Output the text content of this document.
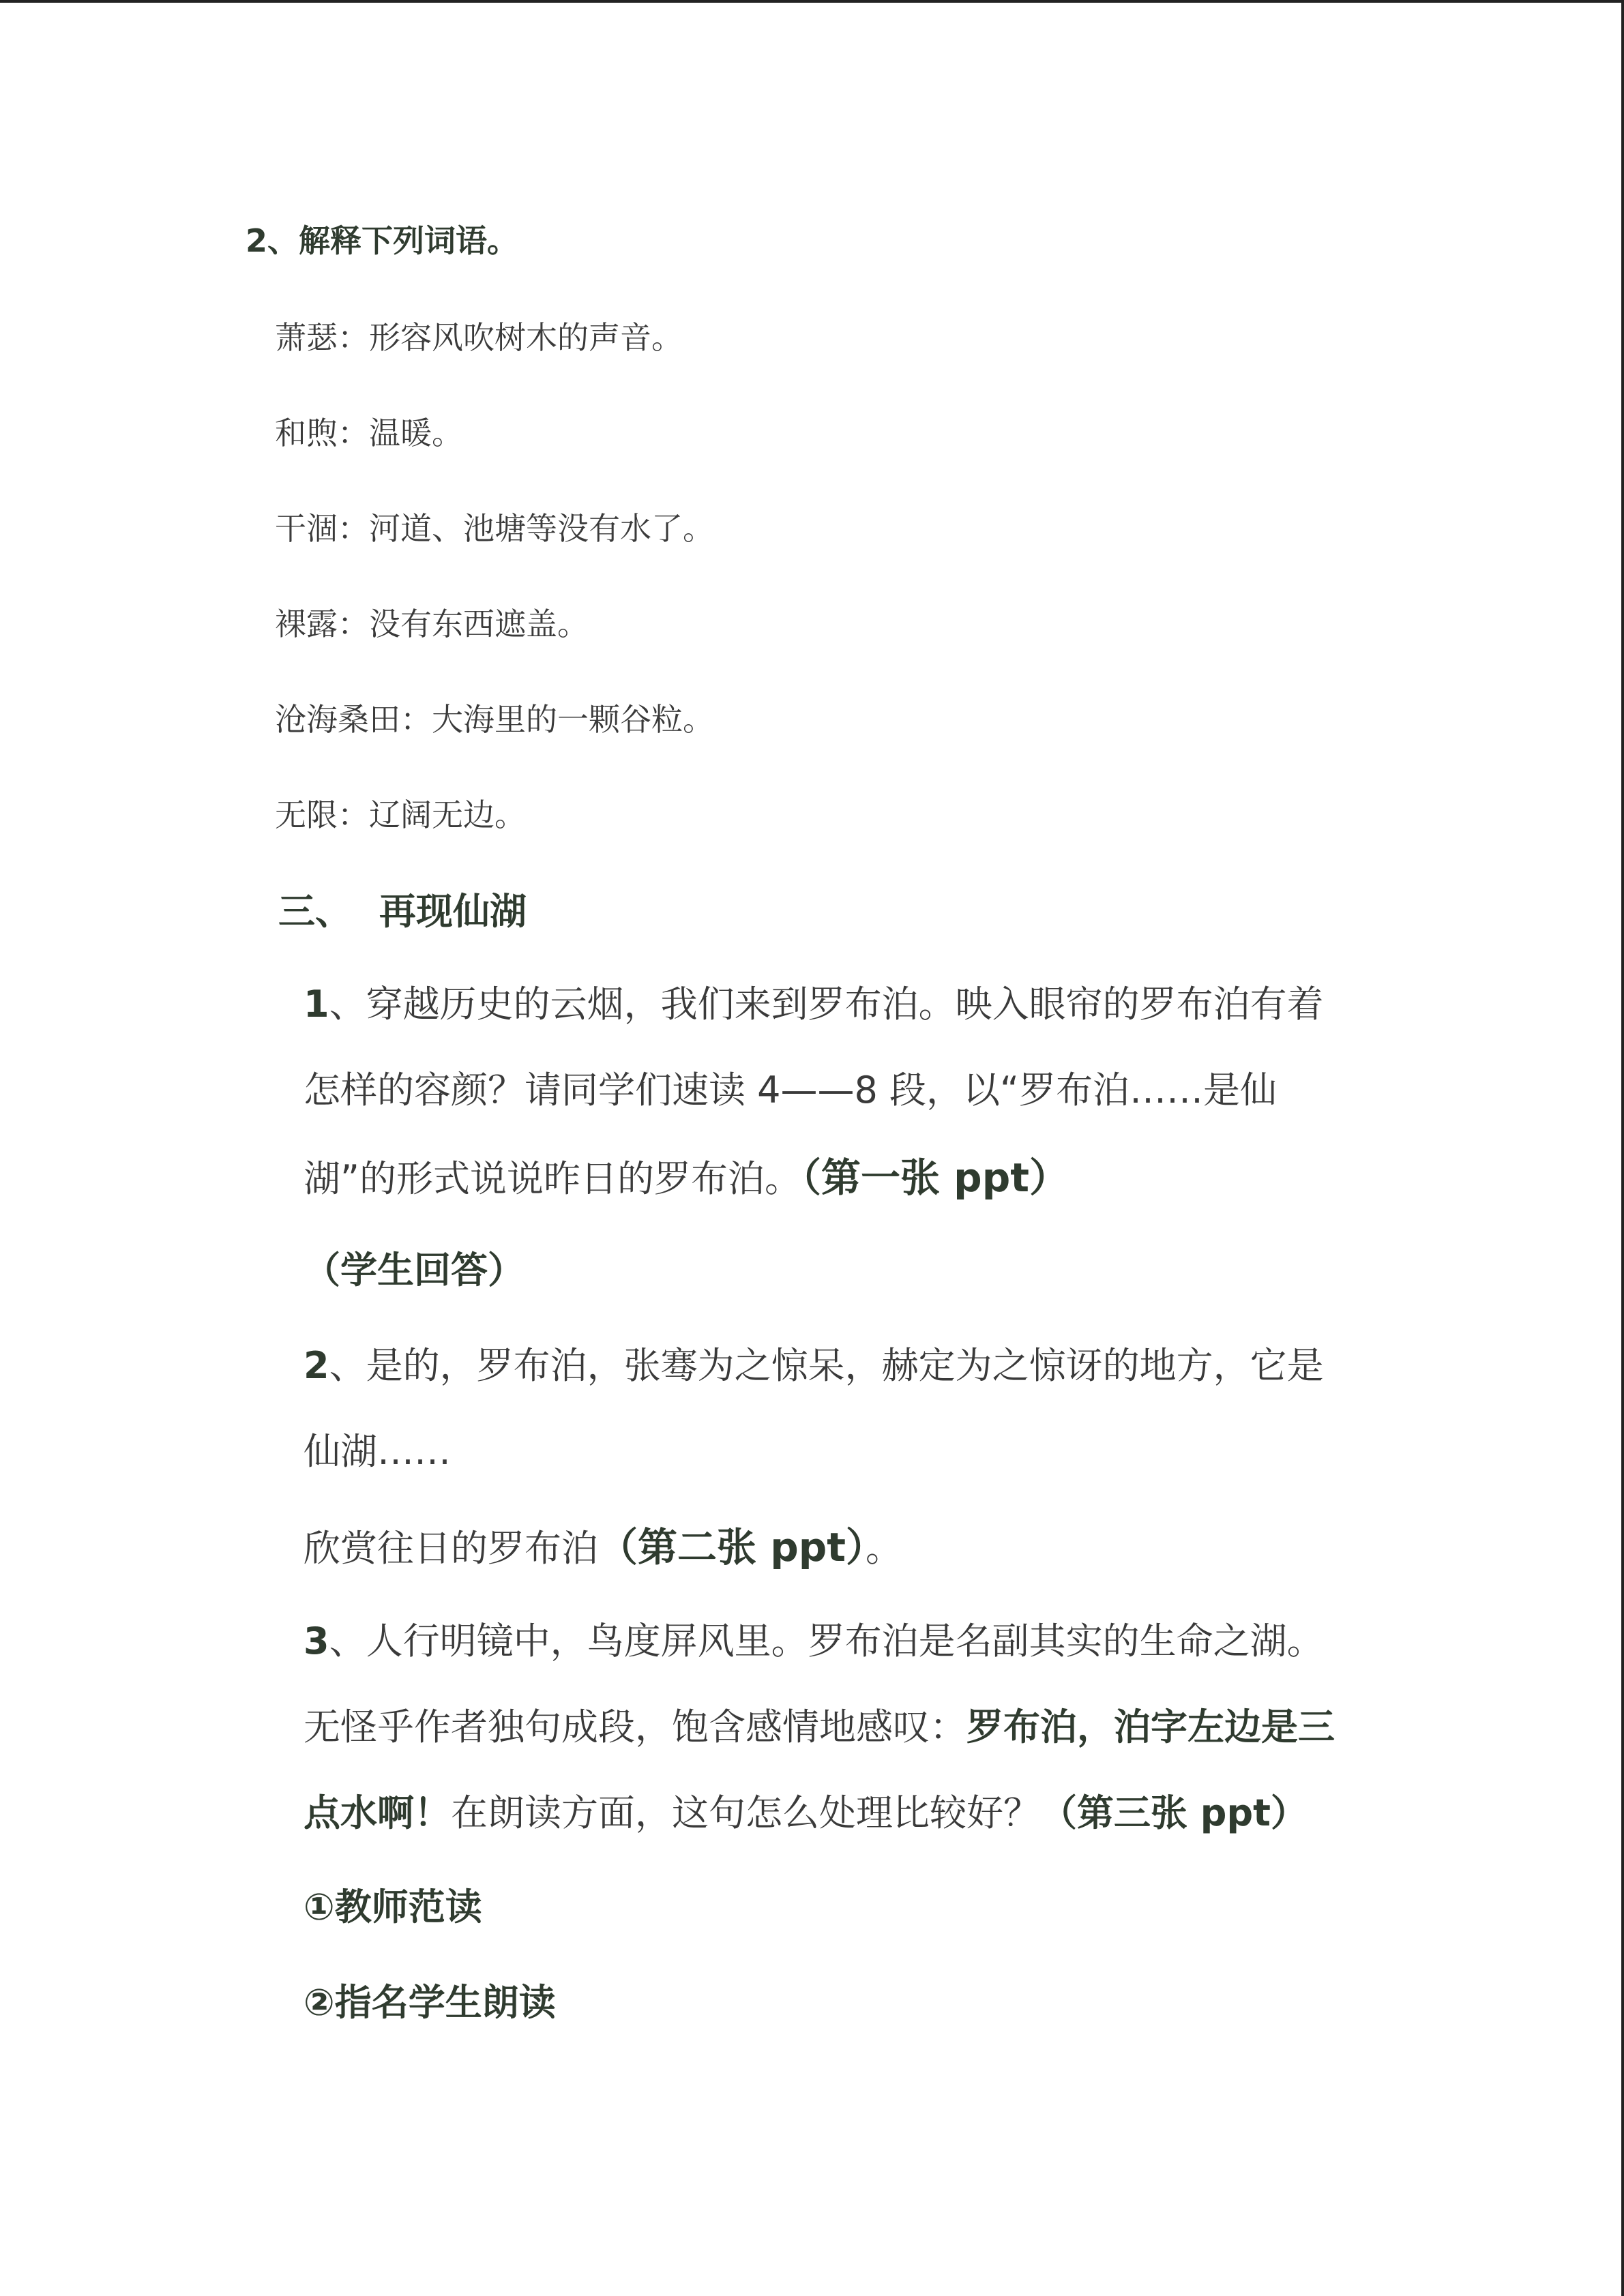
2、解释下列词语。
萧瑟：形容风吹树木的声音。
和煦：温暖。
干涸：河道、池塘等没有水了。
裸露：没有东西遮盖。
沧海桑田：大海里的一颗谷粒。
无限：辽阔无边。
三、 再现仙湖
1、穿越历史的云烟，我们来到罗布泊。映入眼帘的罗布泊有着
怎样的容颜？请同学们速读 4——8 段，以“罗布泊……是仙
湖”的形式说说昨日的罗布泊。（第一张 ppt）
（学生回答）
2、是的，罗布泊，张骞为之惊呆，赫定为之惊讶的地方，它是
仙湖……
欣赏往日的罗布泊（第二张 ppt）。
3、人行明镜中，鸟度屏风里。罗布泊是名副其实的生命之湖。
无怪乎作者独句成段，饱含感情地感叹：罗布泊，泊字左边是三
点水啊！在朗读方面，这句怎么处理比较好？（第三张 ppt）
①教师范读
②指名学生朗读
